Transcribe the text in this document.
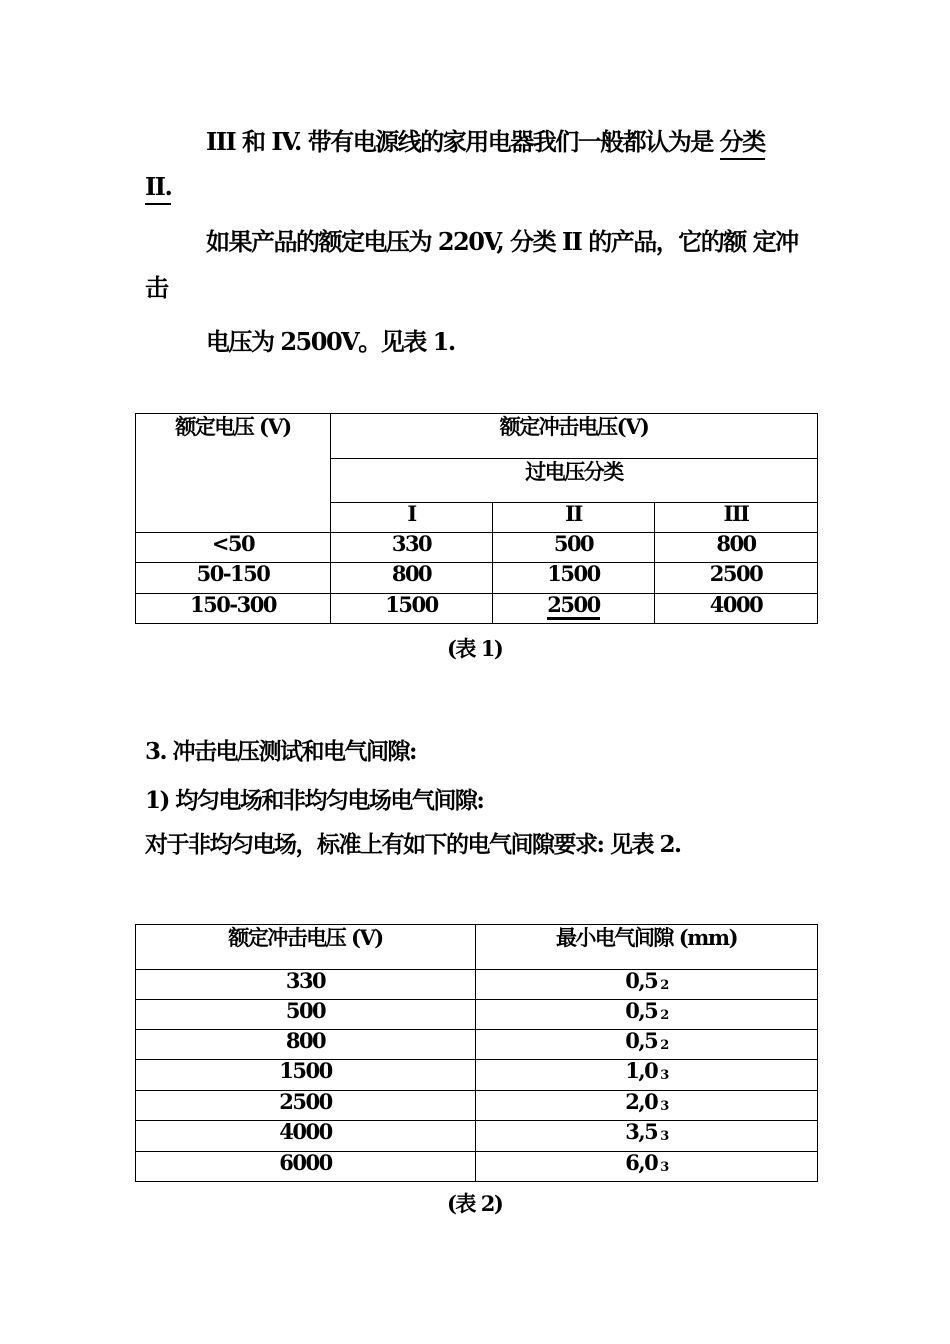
III 和 IV. 带有电源线的家用电器我们一般都认为是 分类
II.
如果产品的额定电压为 220V, 分类 II 的产品，它的额 定冲
击
电压为 2500V。见表 1.
额定电压 (V)	额定冲击电压(V)		
	过电压分类		
	I	II	III
<50	330	500	800
50-150	800	1500	2500
150-300	1500	2500	4000
(表 1)
3. 冲击电压测试和电气间隙:
1) 均匀电场和非均匀电场电气间隙:
对于非均匀电场，标准上有如下的电气间隙要求: 见表 2.
额定冲击电压 (V)	最小电气间隙 (mm)
330	0,5 $_2$
500	0,5 $_2$
800	0,5 $_2$
1500	1,0 $_3$
2500	2,0 $_3$
4000	3,5 $_3$
6000	6,0 $_3$
(表 2)
